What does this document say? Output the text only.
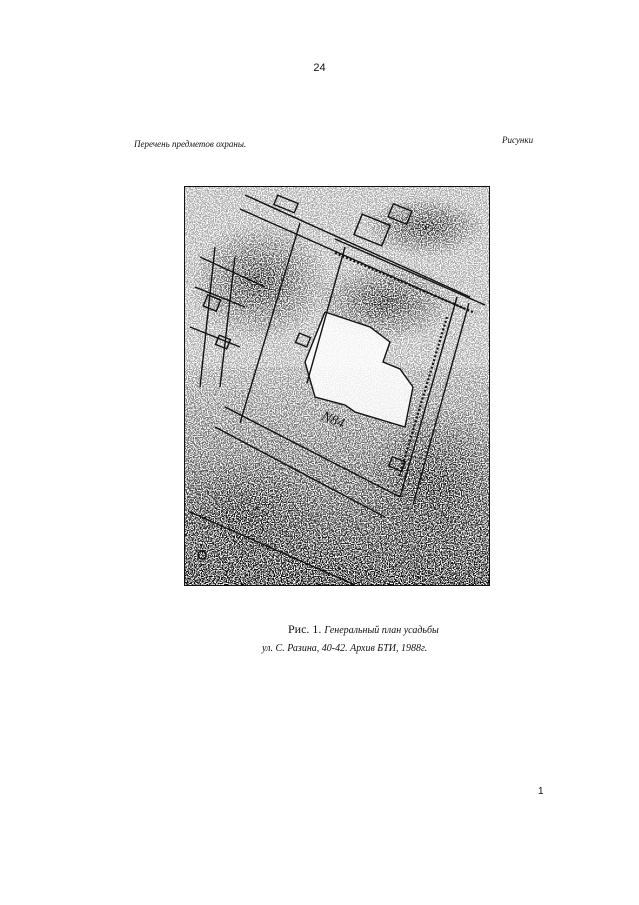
24
Перечень предметов охраны.	Рисунки
N84
Рис. 1. Генеральный план усадьбы
ул. С. Разина, 40-42. Архив БТИ, 1988г.
1
